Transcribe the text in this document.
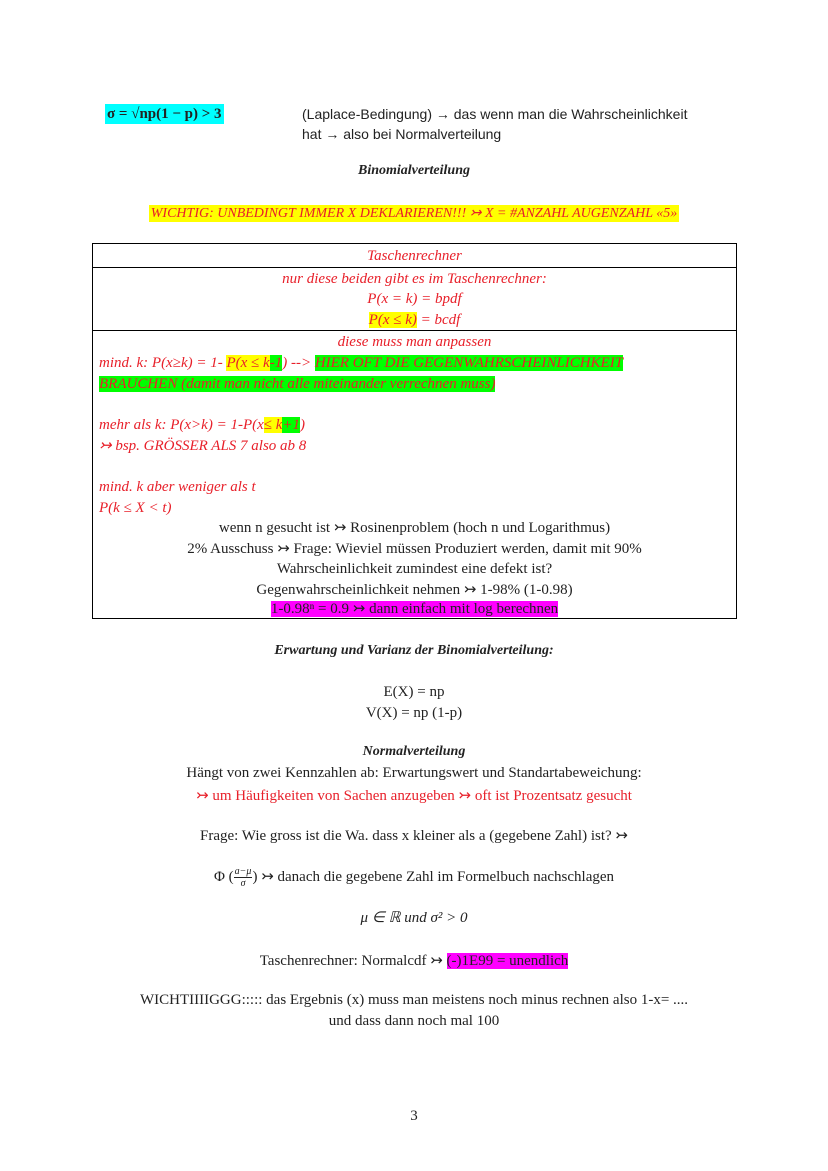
σ = √np(1 − p) > 3	(Laplace-Bedingung) → das wenn man die Wahrscheinlichkeit
hat → also bei Normalverteilung
Binomialverteilung
WICHTIG: UNBEDINGT IMMER X DEKLARIEREN!!! ↣ X = #ANZAHL AUGENZAHL «5»
Taschenrechner
nur diese beiden gibt es im Taschenrechner:
P(x = k) = bpdf
P(x ≤ k) = bcdf
diese muss man anpassen
mind. k: P(x≥k) = 1- P(x ≤ k-1) --> HIER OFT DIE GEGENWAHRSCHEINLICHKEIT
BRAUCHEN (damit man nicht alle miteinander verrechnen muss)
mehr als k: P(x>k) = 1-P(x≤ k+1)
↣ bsp. GRÖSSER ALS 7 also ab 8
mind. k aber weniger als t
P(k ≤ X < t)
wenn n gesucht ist ↣ Rosinenproblem (hoch n und Logarithmus)
2% Ausschuss ↣ Frage: Wieviel müssen Produziert werden, damit mit 90%
Wahrscheinlichkeit zumindest eine defekt ist?
Gegenwahrscheinlichkeit nehmen ↣ 1-98% (1-0.98)
1-0.98ⁿ = 0.9 ↣ dann einfach mit log berechnen
Erwartung und Varianz der Binomialverteilung:
E(X) = np
V(X) = np (1-p)
Normalverteilung
Hängt von zwei Kennzahlen ab: Erwartungswert und Standartabeweichung:
↣ um Häufigkeiten von Sachen anzugeben ↣ oft ist Prozentsatz gesucht
Frage: Wie gross ist die Wa. dass x kleiner als a (gegebene Zahl) ist? ↣
Φ ( $\frac{a-\mu}{\sigma}$ ) ↣ danach die gegebene Zahl im Formelbuch nachschlagen
μ ∈ ℝ und σ² > 0
Taschenrechner: Normalcdf ↣ (-)1E99 = unendlich
WICHTIIIIGGG::::: das Ergebnis (x) muss man meistens noch minus rechnen also 1-x= ....
und dass dann noch mal 100
3
